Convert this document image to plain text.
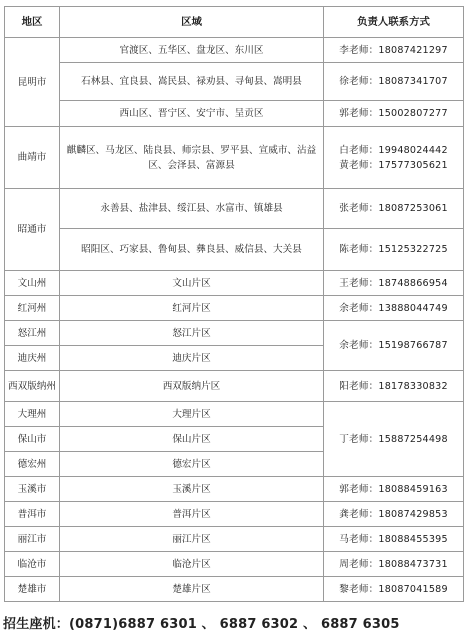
地区	区域	负责人联系方式
昆明市	官渡区、五华区、盘龙区、东川区	李老师：18087421297

	石林县、宜良县、嵩民县、禄劝县、寻甸县、嵩明县	徐老师：18087341707

	西山区、晋宁区、安宁市、呈贡区	郭老师：15002807277

曲靖市	麒麟区、马龙区、陆良县、师宗县、罗平县、宣威市、沾益区、会泽县、富源县	白老师：19948024442
黄老师：17577305621

昭通市	永善县、盐津县、绥江县、水富市、镇雄县	张老师：18087253061

	昭阳区、巧家县、鲁甸县、彝良县、威信县、大关县	陈老师：15125322725

文山州	文山片区	王老师：18748866954

红河州	红河片区	余老师：13888044749

怒江州	怒江片区	余老师：15198766787

迪庆州	迪庆片区	
西双版纳州	西双版纳片区	阳老师：18178330832

大理州	大理片区	丁老师：15887254498

保山市	保山片区	
德宏州	德宏片区	
玉溪市	玉溪片区	郭老师：18088459163

普洱市	普洱片区	龚老师：18087429853

丽江市	丽江片区	马老师：18088455395

临沧市	临沧片区	周老师：18088473731

楚雄市	楚雄片区	黎老师：18087041589
招生座机：(0871)6887 6301 、 6887 6302 、 6887 6305
